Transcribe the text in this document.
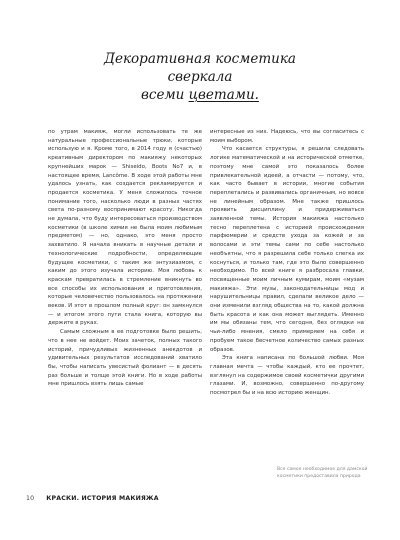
Декоративная косметика сверкала
всеми цветами.

по утрам макияж, могли использовать те же натуральные профессиональные трюки, которые использую и я. Кроме того, в 2014 году я (счастью) креативным директором по макияжу некоторых крупнейших марок — Shiseido, Boots No7 и, в настоящее время, Lancôme. В ходе этой работы мне удалось узнать, как создается рекламируется и продается косметика. У меня сложилось точное понимание того, насколько люди в разных частях света по-разному воспринимают красоту. Никогда не думала, что буду интересоваться производством косметики (в школе химия не была моим любимым предметом) — но, однако, это меня просто захватило. Я начала вникать в научные детали и технологические подробности, определяющие будущее косметики, с таким же энтузиазмом, с каким до этого изучала историю. Моя любовь к краскам превратилась в стремление вникнуть во все способы их использования и приготовления, которые человечество пользовалось на протяжении веков. И этот в прошлом полный круг: он замкнулся — и итогом этого пути стала книга, которую вы держите в руках.

Самым сложным в ее подготовке было решить, что в нее не войдет. Моих зачеток, полных такого историй, причудливых жизненных анекдотов и удивительных результатов исследований хватило бы, чтобы написать увесистый фолиант — в десять раз больше и толще этой книги. Но в ходе работы мне пришлось взять лишь самые

интересные из них. Надеюсь, что вы согласитесь с моим выбором.

Что касается структуры, я решила следовать логике математической и на исторической отметке, поэтому мне самой это показалось более привлекательной идеей, а отчасти — потому, что, как часто бывает в истории, многие события переплетались и развивались органичным, но вовсе не линейным образом. Мне также пришлось проявить дисциплину и придерживаться заявленной темы. История макияжа настолько тесно переплетена с историей происхождения парфюмерии и средств ухода за кожей и за волосами и эти темы сами по себе настолько необъятны, что я разрешила себе только слегка их коснуться, и только там, где это было совершенно необходимо. По всей книге я разбросала главки, посвященные моим личным кумирам, моим «музам макияжа». Эти музы, законодательницы мод и нарушительницы правил, сделали великое дело — они изменили взгляд общества на то, какой должна быть красота и как она может выглядеть. Именно им мы обязаны тем, что сегодня, без оглядки на чьи-либо мнения, смело примеряем на себя и пробуем такое бесчетное количество самых разных образов.

Эта книга написана по большой любви. Моя главная мечта — чтобы каждый, кто ее прочтет, взглянул на содержимое своей косметички другими глазами. И, возможно, совершенно по-другому посмотрел бы и на всю историю женщин.

Все самое необходимое для дамской косметики предоставила природа
10 КРАСКИ. ИСТОРИЯ МАКИЯЖА
